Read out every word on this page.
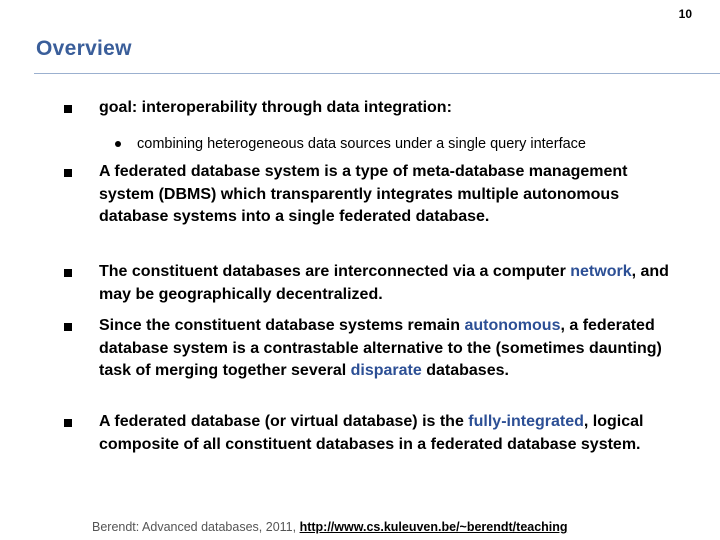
10
Overview
goal: interoperability through data integration:
combining heterogeneous data sources under a single query interface
A federated database system is a type of meta-database management system (DBMS) which transparently integrates multiple autonomous database systems into a single federated database.
The constituent databases are interconnected via a computer network, and may be geographically decentralized.
Since the constituent database systems remain autonomous, a federated database system is a contrastable alternative to the (sometimes daunting) task of merging together several disparate databases.
A federated database (or virtual database) is the fully-integrated, logical composite of all constituent databases in a federated database system.
Berendt: Advanced databases, 2011, http://www.cs.kuleuven.be/~berendt/teaching
